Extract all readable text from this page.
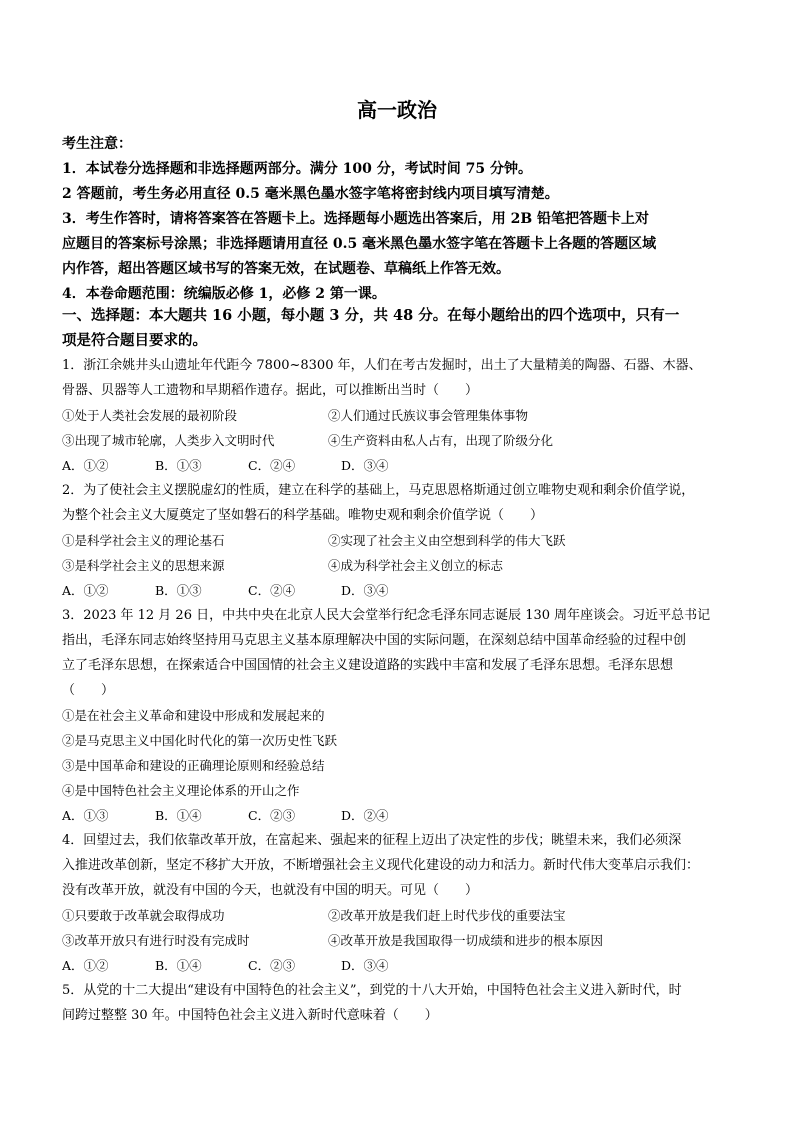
高一政治
考生注意：
1．本试卷分选择题和非选择题两部分。满分 100 分，考试时间 75 分钟。
2 答题前，考生务必用直径 0.5 毫米黑色墨水签字笔将密封线内项目填写清楚。
3．考生作答时，请将答案答在答题卡上。选择题每小题选出答案后，用 2B 铅笔把答题卡上对
应题目的答案标号涂黑；非选择题请用直径 0.5 毫米黑色墨水签字笔在答题卡上各题的答题区域
内作答，超出答题区域书写的答案无效，在试题卷、草稿纸上作答无效。
4．本卷命题范围：统编版必修 1，必修 2 第一课。
一、选择题：本大题共 16 小题，每小题 3 分，共 48 分。在每小题给出的四个选项中，只有一
项是符合题目要求的。
1．浙江余姚井头山遗址年代距今 7800~8300 年，人们在考古发掘时，出土了大量精美的陶器、石器、木器、
骨器、贝器等人工遗物和早期稻作遗存。据此，可以推断出当时（　　）
①处于人类社会发展的最初阶段	②人们通过氏族议事会管理集体事物
③出现了城市轮廓，人类步入文明时代	④生产资料由私人占有，出现了阶级分化
A．①②	B．①③	C．②④	D．③④
2．为了使社会主义摆脱虚幻的性质，建立在科学的基础上，马克思恩格斯通过创立唯物史观和剩余价值学说，
为整个社会主义大厦奠定了坚如磐石的科学基础。唯物史观和剩余价值学说（　　）
①是科学社会主义的理论基石	②实现了社会主义由空想到科学的伟大飞跃
③是科学社会主义的思想来源	④成为科学社会主义创立的标志
A．①②	B．①③	C．②④	D．③④
3．2023 年 12 月 26 日，中共中央在北京人民大会堂举行纪念毛泽东同志诞辰 130 周年座谈会。习近平总书记
指出，毛泽东同志始终坚持用马克思主义基本原理解决中国的实际问题，在深刻总结中国革命经验的过程中创
立了毛泽东思想，在探索适合中国国情的社会主义建设道路的实践中丰富和发展了毛泽东思想。毛泽东思想
（　　）
①是在社会主义革命和建设中形成和发展起来的
②是马克思主义中国化时代化的第一次历史性飞跃
③是中国革命和建设的正确理论原则和经验总结
④是中国特色社会主义理论体系的开山之作
A．①③	B．①④	C．②③	D．②④
4．回望过去，我们依靠改革开放，在富起来、强起来的征程上迈出了决定性的步伐；眺望未来，我们必须深
入推进改革创新，坚定不移扩大开放，不断增强社会主义现代化建设的动力和活力。新时代伟大变革启示我们：
没有改革开放，就没有中国的今天，也就没有中国的明天。可见（　　）
①只要敢于改革就会取得成功	②改革开放是我们赶上时代步伐的重要法宝
③改革开放只有进行时没有完成时	④改革开放是我国取得一切成绩和进步的根本原因
A．①②	B．①④	C．②③	D．③④
5．从党的十二大提出“建设有中国特色的社会主义”，到党的十八大开始，中国特色社会主义进入新时代，时
间跨过整整 30 年。中国特色社会主义进入新时代意味着（　　）
